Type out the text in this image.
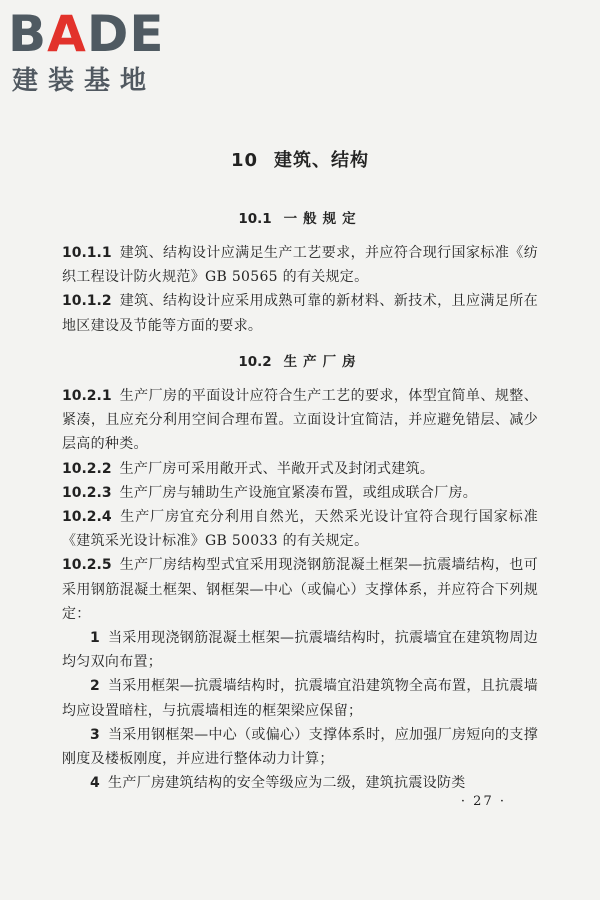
BADE
建装基地
10 建筑、结构
10.1 一般规定

10.1.1 建筑、结构设计应满足生产工艺要求，并应符合现行国家标准《纺织工程设计防火规范》GB 50565 的有关规定。

10.1.2 建筑、结构设计应采用成熟可靠的新材料、新技术，且应满足所在地区建设及节能等方面的要求。

10.2 生产厂房

10.2.1 生产厂房的平面设计应符合生产工艺的要求，体型宜简单、规整、紧凑，且应充分利用空间合理布置。立面设计宜简洁，并应避免错层、减少层高的种类。

10.2.2 生产厂房可采用敞开式、半敞开式及封闭式建筑。

10.2.3 生产厂房与辅助生产设施宜紧凑布置，或组成联合厂房。

10.2.4 生产厂房宜充分利用自然光，天然采光设计宜符合现行国家标准《建筑采光设计标准》GB 50033 的有关规定。

10.2.5 生产厂房结构型式宜采用现浇钢筋混凝土框架—抗震墙结构，也可采用钢筋混凝土框架、钢框架—中心（或偏心）支撑体系，并应符合下列规定：

1 当采用现浇钢筋混凝土框架—抗震墙结构时，抗震墙宜在建筑物周边均匀双向布置；

2 当采用框架—抗震墙结构时，抗震墙宜沿建筑物全高布置，且抗震墙均应设置暗柱，与抗震墙相连的框架梁应保留；

3 当采用钢框架—中心（或偏心）支撑体系时，应加强厂房短向的支撑刚度及楼板刚度，并应进行整体动力计算；

4 生产厂房建筑结构的安全等级应为二级，建筑抗震设防类

· 27 ·
